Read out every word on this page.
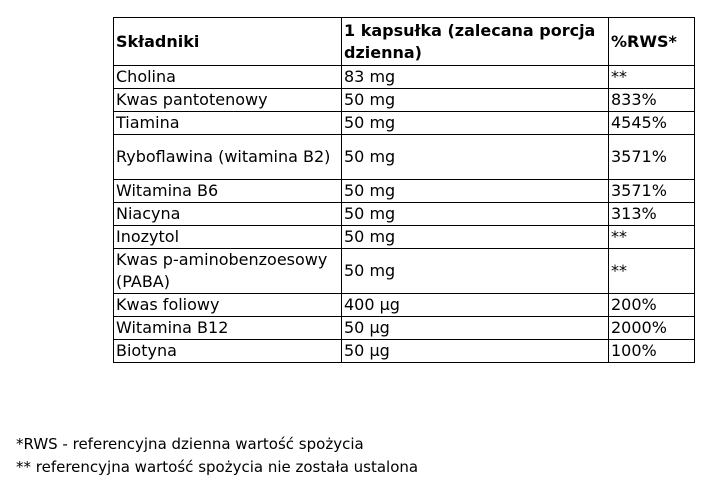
Składniki	1 kapsułka (zalecana porcja dzienna)	%RWS*
Cholina	83 mg	**
Kwas pantotenowy	50 mg	833%
Tiamina	50 mg	4545%
Ryboflawina (witamina B2)	50 mg	3571%
Witamina B6	50 mg	3571%
Niacyna	50 mg	313%
Inozytol	50 mg	**
Kwas p-aminobenzoesowy (PABA)	50 mg	**
Kwas foliowy	400 µg	200%
Witamina B12	50 µg	2000%
Biotyna	50 µg	100%
*RWS - referencyjna dzienna wartość spożycia
** referencyjna wartość spożycia nie została ustalona
